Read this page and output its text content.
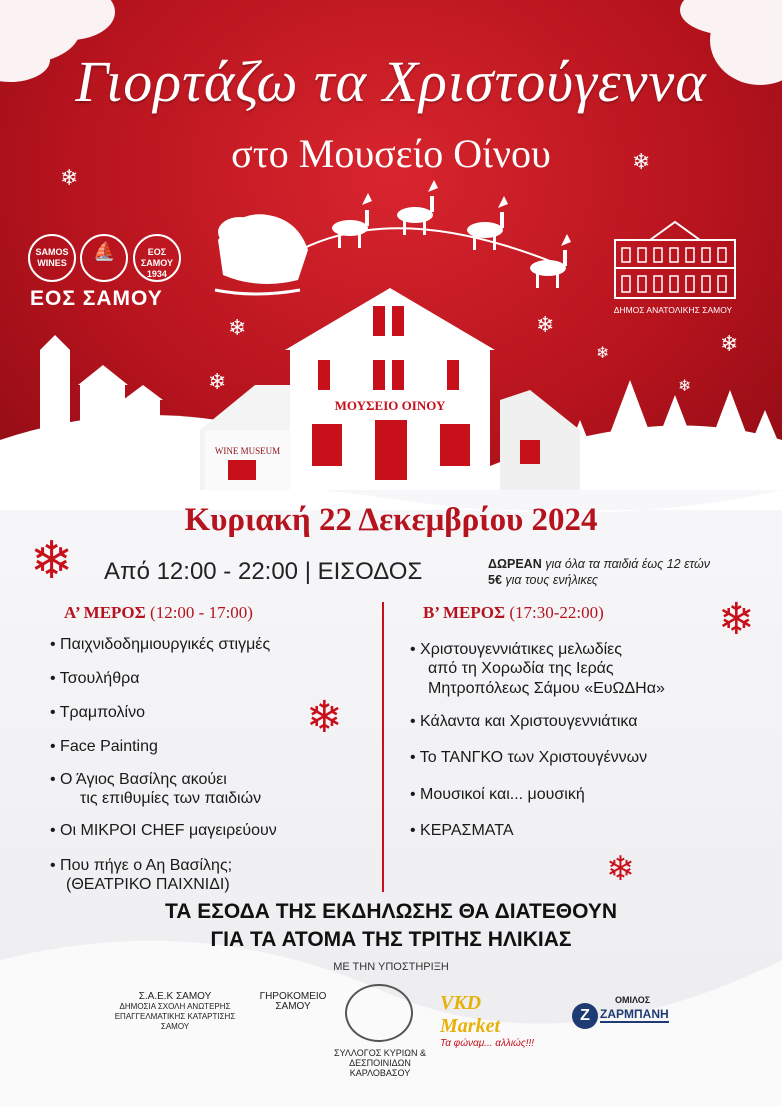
Γιορτάζω τα Χριστούγεννα
στο Μουσείο Οίνου
❄
❄
❄	❄
❄
❄
❄
❄
SAMOS WINES ⛵	ΕΟΣ ΣΑΜΟΥ 1934
ΕΟΣ ΣΑΜΟΥ	ΔΗΜΟΣ ΑΝΑΤΟΛΙΚΗΣ ΣΑΜΟΥ
ΜΟΥΣΕΙΟ ΟΙΝΟΥ
WINE MUSEUM
Κυριακή 22 Δεκεμβρίου 2024
❄ Από 12:00 - 22:00 | ΕΙΣΟΔΟΣ	ΔΩΡΕΑΝ για όλα τα παιδιά έως 12 ετών
5€ για τους ενήλικες
Α’ ΜΕΡΟΣ (12:00 - 17:00)	Β’ ΜΕΡΟΣ (17:30-22:00)
• Παιχνιδοδημιουργικές στιγμές
• Τσουλήθρα
• Τραμπολίνο
• Face Painting
• Ο Άγιος Βασίλης ακούει
τις επιθυμίες των παιδιών
• Οι ΜΙΚΡΟΙ CHEF μαγειρεύουν
• Που πήγε ο Αη Βασίλης;
(ΘΕΑΤΡΙΚΟ ΠΑΙΧΝΙΔΙ)
• Χριστουγεννιάτικες μελωδίες
από τη Χορωδία της Ιεράς
Μητροπόλεως Σάμου «ΕυΩΔΗα»
• Κάλαντα και Χριστουγεννιάτικα
• Το ΤΑΝΓΚΟ των Χριστουγέννων
• Μουσικοί και... μουσική
• ΚΕΡΑΣΜΑΤΑ
❄
❄
❄
ΤΑ ΕΣΟΔΑ ΤΗΣ ΕΚΔΗΛΩΣΗΣ ΘΑ ΔΙΑΤΕΘΟΥΝ
ΓΙΑ ΤΑ ΑΤΟΜΑ ΤΗΣ ΤΡΙΤΗΣ ΗΛΙΚΙΑΣ
ΜΕ ΤΗΝ ΥΠΟΣΤΗΡΙΞΗ
Σ.Α.Ε.Κ ΣΑΜΟΥ
ΔΗΜΟΣΙΑ ΣΧΟΛΗ ΑΝΩΤΕΡΗΣ ΕΠΑΓΓΕΛΜΑΤΙΚΗΣ ΚΑΤΑΡΤΙΣΗΣ ΣΑΜΟΥ
ΓΗΡΟΚΟΜΕΙΟ ΣΑΜΟΥ
ΣΥΛΛΟΓΟΣ ΚΥΡΙΩΝ & ΔΕΣΠΟΙΝΙΔΩΝ ΚΑΡΛΟΒΑΣΟΥ
VKD Market
Τα φώναμ... αλλιώς!!!
Z
ΟΜΙΛΟΣ
ΖΑΡΜΠΑΝΗ
